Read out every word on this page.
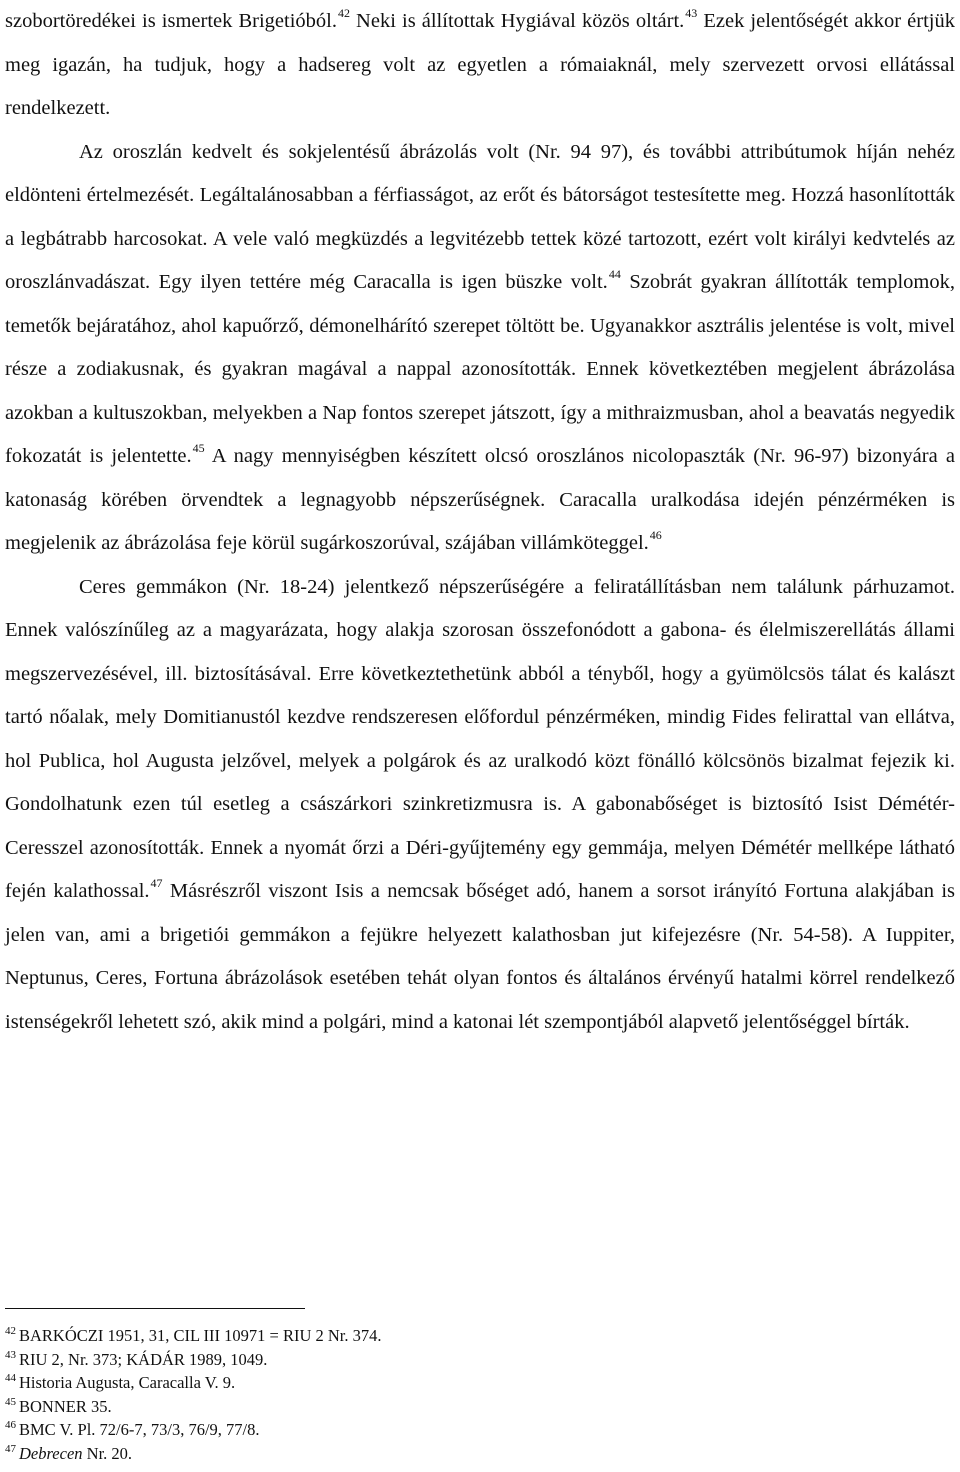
szobortöredékei is ismertek Brigetióból.$^{42}$ Neki is állítottak Hygiával közös oltárt.$^{43}$ Ezek jelentőségét akkor értjük meg igazán, ha tudjuk, hogy a hadsereg volt az egyetlen a rómaiaknál, mely szervezett orvosi ellátással rendelkezett.

Az oroszlán kedvelt és sokjelentésű ábrázolás volt (Nr. 94 97), és további attribútumok híján nehéz eldönteni értelmezését. Legáltalánosabban a férfiasságot, az erőt és bátorságot testesítette meg. Hozzá hasonlították a legbátrabb harcosokat. A vele való megküzdés a legvitézebb tettek közé tartozott, ezért volt királyi kedvtelés az oroszlánvadászat. Egy ilyen tettére még Caracalla is igen büszke volt.$^{44}$ Szobrát gyakran állították templomok, temetők bejáratához, ahol kapuőrző, démonelhárító szerepet töltött be. Ugyanakkor asztrális jelentése is volt, mivel része a zodiakusnak, és gyakran magával a nappal azonosították. Ennek következtében megjelent ábrázolása azokban a kultuszokban, melyekben a Nap fontos szerepet játszott, így a mithraizmusban, ahol a beavatás negyedik fokozatát is jelentette.$^{45}$ A nagy mennyiségben készített olcsó oroszlános nicolopaszták (Nr. 96-97) bizonyára a katonaság körében örvendtek a legnagyobb népszerűségnek. Caracalla uralkodása idején pénzérméken is megjelenik az ábrázolása feje körül sugárkoszorúval, szájában villámköteggel.$^{46}$

Ceres gemmákon (Nr. 18-24) jelentkező népszerűségére a feliratállításban nem találunk párhuzamot. Ennek valószínűleg az a magyarázata, hogy alakja szorosan összefonódott a gabona- és élelmiszerellátás állami megszervezésével, ill. biztosításával. Erre következtethetünk abból a tényből, hogy a gyümölcsös tálat és kalászt tartó nőalak, mely Domitianustól kezdve rendszeresen előfordul pénzérméken, mindig Fides felirattal van ellátva, hol Publica, hol Augusta jelzővel, melyek a polgárok és az uralkodó közt fönálló kölcsönös bizalmat fejezik ki. Gondolhatunk ezen túl esetleg a császárkori szinkretizmusra is. A gabonabőséget is biztosító Isist Démétér-Ceresszel azonosították. Ennek a nyomát őrzi a Déri-gyűjtemény egy gemmája, melyen Démétér mellképe látható fején kalathossal.$^{47}$ Másrészről viszont Isis a nemcsak bőséget adó, hanem a sorsot irányító Fortuna alakjában is jelen van, ami a brigetiói gemmákon a fejükre helyezett kalathosban jut kifejezésre (Nr. 54-58). A Iuppiter, Neptunus, Ceres, Fortuna ábrázolások esetében tehát olyan fontos és általános érvényű hatalmi körrel rendelkező istenségekről lehetett szó, akik mind a polgári, mind a katonai lét szempontjából alapvető jelentőséggel bírták.

$^{42}$ BARKÓCZI 1951, 31, CIL III 10971 = RIU 2 Nr. 374.
$^{43}$ RIU 2, Nr. 373; KÁDÁR 1989, 1049.
$^{44}$ Historia Augusta, Caracalla V. 9.
$^{45}$ BONNER 35.
$^{46}$ BMC V. Pl. 72/6-7, 73/3, 76/9, 77/8.
$^{47}$ Debrecen Nr. 20.
